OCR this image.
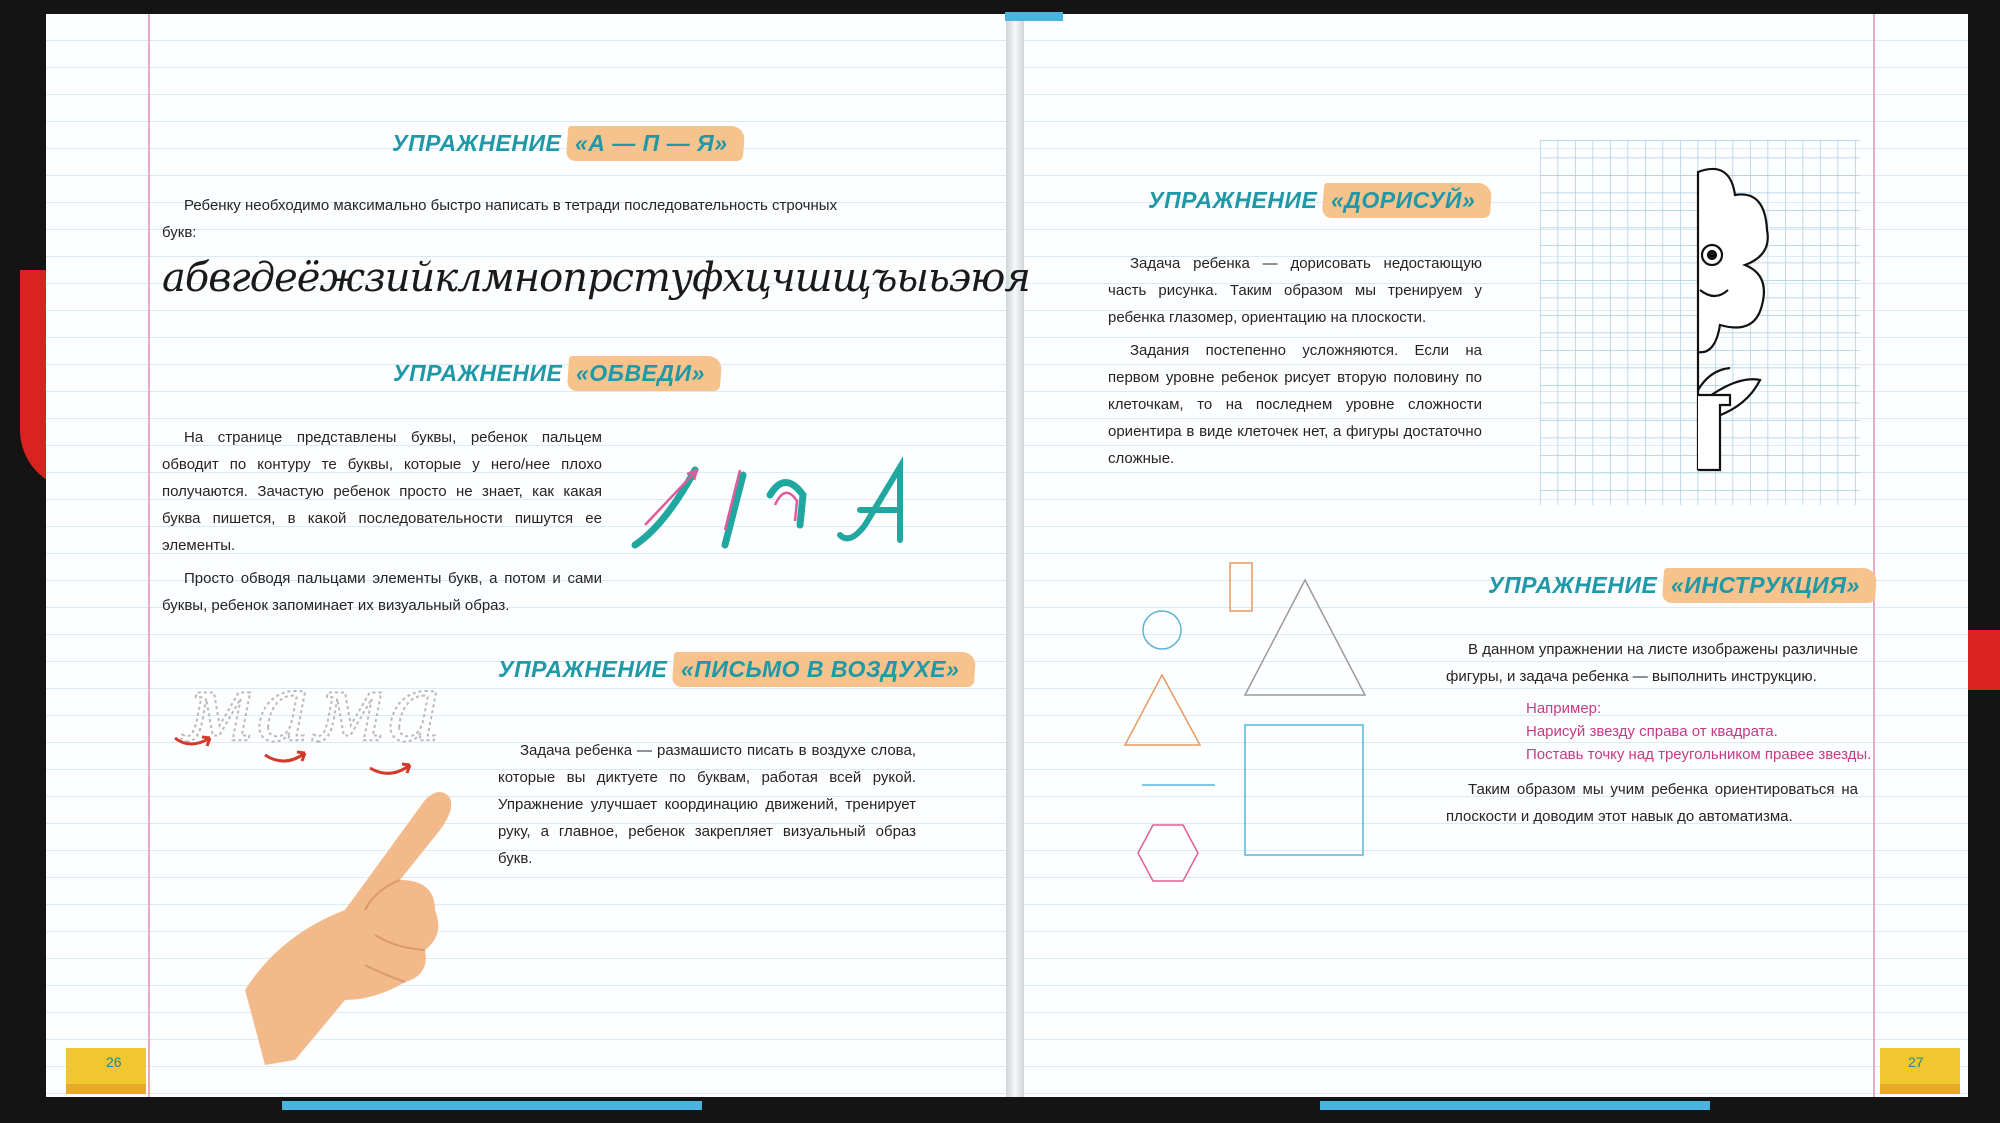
26	27
УПРАЖНЕНИЕ «А — П — Я»

Ребенку необходимо максимально быстро написать в тетради последовательность строчных букв:

абвгдеёжзийклмнопрстуфхцчшщъыьэюя
УПРАЖНЕНИЕ «ОБВЕДИ»

На странице представлены буквы, ребенок пальцем обводит по контуру те буквы, которые у него/нее плохо получаются. Зачастую ребенок просто не знает, как какая буква пишется, в какой последовательности пишутся ее элементы.

Просто обводя пальцами элементы букв, а потом и сами буквы, ребенок запоминает их визуальный образ.

УПРАЖНЕНИЕ «ПИСЬМО В ВОЗДУХЕ»

Задача ребенка — размашисто писать в воздухе слова, которые вы диктуете по буквам, работая всей рукой. Упражнение улучшает координацию движений, тренирует руку, а главное, ребенок закрепляет визуальный образ букв.

мама
УПРАЖНЕНИЕ «ДОРИСУЙ»

Задача ребенка — дорисовать недостающую часть рисунка. Таким образом мы тренируем у ребенка глазомер, ориентацию на плоскости.

Задания постепенно усложняются. Если на первом уровне ребенок рисует вторую половину по клеточкам, то на последнем уровне сложности ориентира в виде клеточек нет, а фигуры достаточно сложные.

УПРАЖНЕНИЕ «ИНСТРУКЦИЯ»

В данном упражнении на листе изображены различные фигуры, и задача ребенка — выполнить инструкцию.

Например:
Нарисуй звезду справа от квадрата.
Поставь точку над треугольником правее звезды.

Таким образом мы учим ребенка ориентироваться на плоскости и доводим этот навык до автоматизма.
